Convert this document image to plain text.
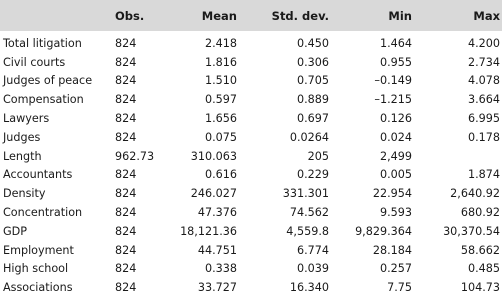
	Obs.	Mean	Std. dev.	Min	Max
Total litigation	824	2.418	0.450	1.464	4.200
Civil courts	824	1.816	0.306	0.955	2.734
Judges of peace	824	1.510	0.705	–0.149	4.078
Compensation	824	0.597	0.889	–1.215	3.664
Lawyers	824	1.656	0.697	0.126	6.995
Judges	824	0.075	0.0264	0.024	0.178
Length	962.73	310.063	205	2,499	
Accountants	824	0.616	0.229	0.005	1.874
Density	824	246.027	331.301	22.954	2,640.92
Concentration	824	47.376	74.562	9.593	680.92
GDP	824	18,121.36	4,559.8	9,829.364	30,370.54
Employment	824	44.751	6.774	28.184	58.662
High school	824	0.338	0.039	0.257	0.485
Associations	824	33.727	16.340	7.75	104.73
